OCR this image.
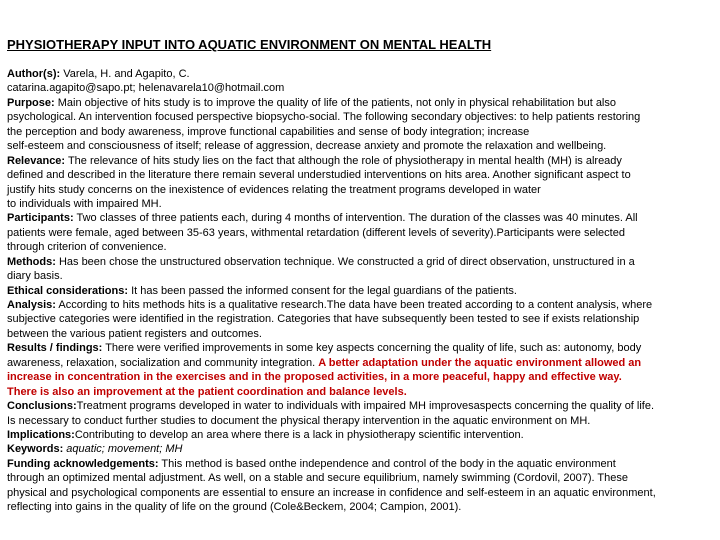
PHYSIOTHERAPY INPUT INTO AQUATIC ENVIRONMENT ON MENTAL HEALTH
Author(s): Varela, H. and Agapito, C.
catarina.agapito@sapo.pt; helenavarela10@hotmail.com
Purpose: Main objective of hits study is to improve the quality of life of the patients, not only in physical rehabilitation but also
psychological. An intervention focused perspective biopsycho-social. The following secondary objectives: to help patients restoring
the perception and body awareness, improve functional capabilities and sense of body integration; increase
self-esteem and consciousness of itself; release of aggression, decrease anxiety and promote the relaxation and wellbeing.
Relevance: The relevance of hits study lies on the fact that although the role of physiotherapy in mental health (MH) is already
defined and described in the literature there remain several understudied interventions on hits area. Another significant aspect to
justify hits study concerns on the inexistence of evidences relating the treatment programs developed in water
to individuals with impaired MH.
Participants: Two classes of three patients each, during 4 months of intervention. The duration of the classes was 40 minutes. All
patients were female, aged between 35-63 years, withmental retardation (different levels of severity).Participants were selected
through criterion of convenience.
Methods: Has been chose the unstructured observation technique. We constructed a grid of direct observation, unstructured in a
diary basis.
Ethical considerations: It has been passed the informed consent for the legal guardians of the patients.
Analysis: According to hits methods hits is a qualitative research.The data have been treated according to a content analysis, where
subjective categories were identified in the registration. Categories that have subsequently been tested to see if exists relationship
between the various patient registers and outcomes.
Results / findings: There were verified improvements in some key aspects concerning the quality of life, such as: autonomy, body
awareness, relaxation, socialization and community integration. A better adaptation under the aquatic environment allowed an
increase in concentration in the exercises and in the proposed activities, in a more peaceful, happy and effective way.
There is also an improvement at the patient coordination and balance levels.
Conclusions:Treatment programs developed in water to individuals with impaired MH improvesaspects concerning the quality of life.
Is necessary to conduct further studies to document the physical therapy intervention in the aquatic environment on MH.
Implications:Contributing to develop an area where there is a lack in physiotherapy scientific intervention.
Keywords: aquatic; movement; MH
Funding acknowledgements: This method is based onthe independence and control of the body in the aquatic environment
through an optimized mental adjustment. As well, on a stable and secure equilibrium, namely swimming (Cordovil, 2007). These
physical and psychological components are essential to ensure an increase in confidence and self-esteem in an aquatic environment,
reflecting into gains in the quality of life on the ground (Cole&Beckem, 2004; Campion, 2001).
